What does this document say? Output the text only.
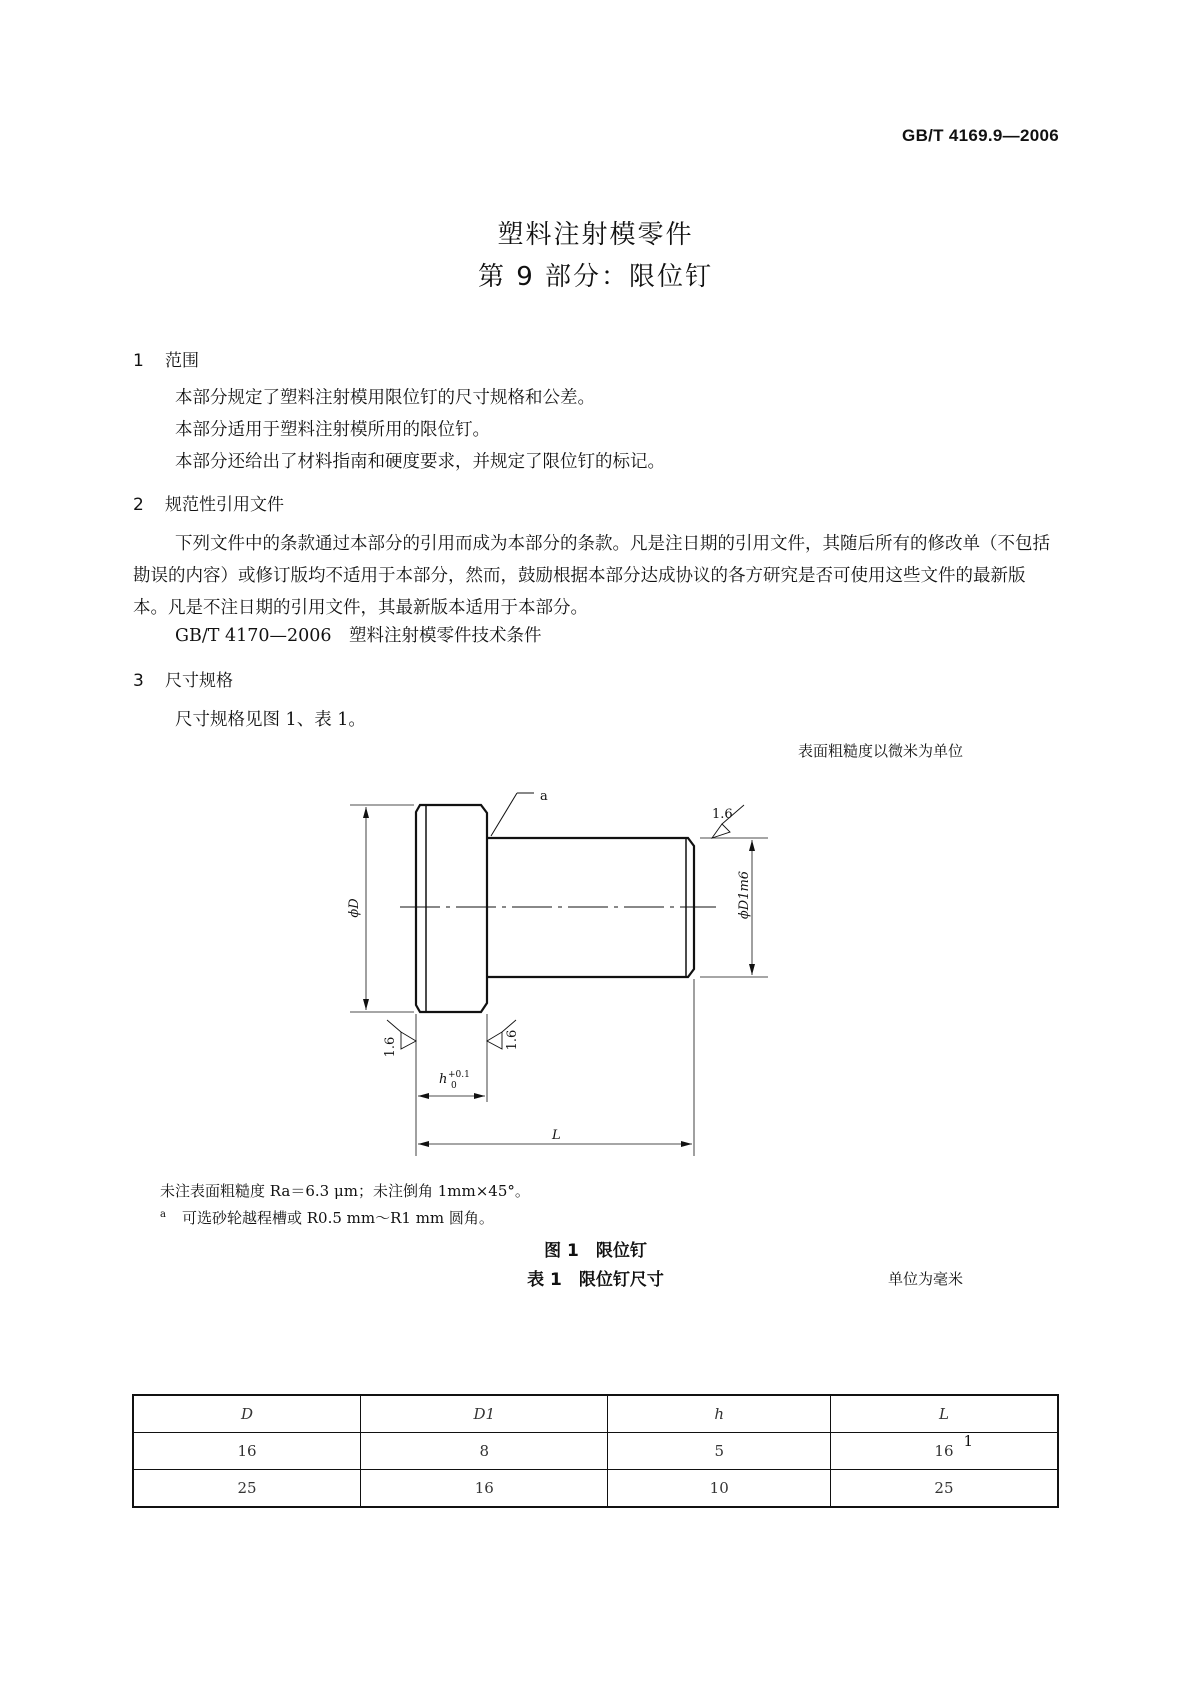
GB/T 4169.9—2006
塑料注射模零件
第 9 部分：限位钉
1 范围
本部分规定了塑料注射模用限位钉的尺寸规格和公差。
本部分适用于塑料注射模所用的限位钉。
本部分还给出了材料指南和硬度要求，并规定了限位钉的标记。
2 规范性引用文件
下列文件中的条款通过本部分的引用而成为本部分的条款。凡是注日期的引用文件，其随后所有的修改单（不包括勘误的内容）或修订版均不适用于本部分，然而，鼓励根据本部分达成协议的各方研究是否可使用这些文件的最新版本。凡是不注日期的引用文件，其最新版本适用于本部分。
GB/T 4170—2006　塑料注射模零件技术条件
3 尺寸规格
尺寸规格见图 1、表 1。
表面粗糙度以微米为单位
a
1.6
ϕD	ϕD1m6
1.6	1.6
h +0.1
0
L
未注表面粗糙度 Ra＝6.3 μm；未注倒角 1mm×45°。
$^a$ 可选砂轮越程槽或 R0.5 mm～R1 mm 圆角。
图 1　限位钉
表 1　限位钉尺寸	单位为毫米
D	D1	h	L
16	8	5	16
25	16	10	25
1
